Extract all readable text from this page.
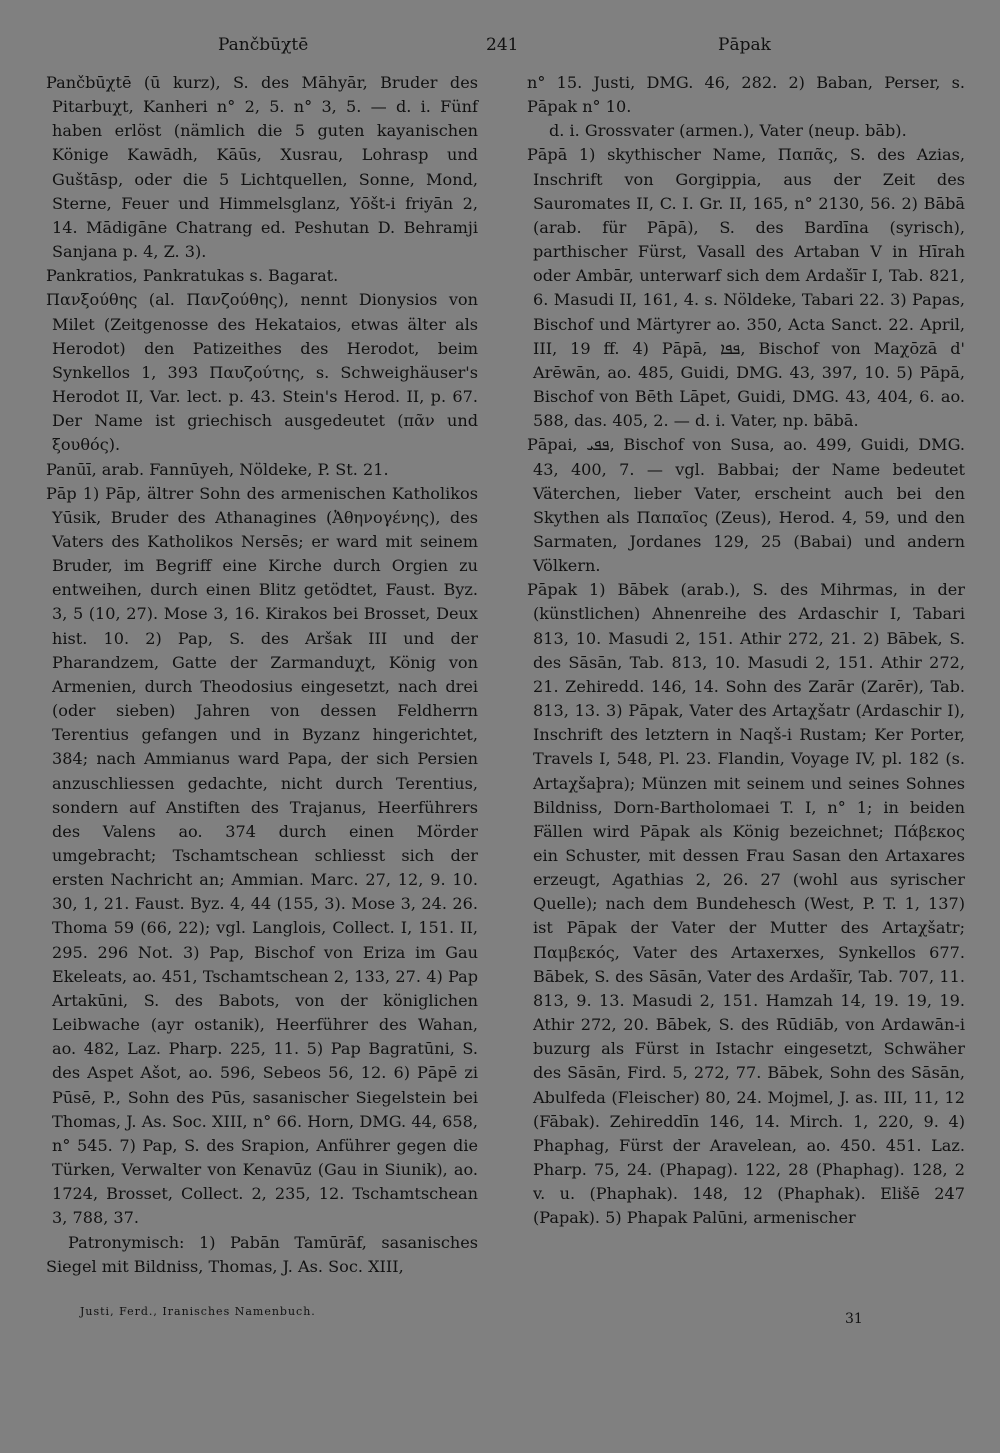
Pančbūχtē	241	Pāpak

Pančbūχtē (ū kurz), S. des Māhyār, Bruder des Pitarbuχt, Kanheri n° 2, 5. n° 3, 5. — d. i. Fünf haben erlöst (nämlich die 5 guten kayanischen Könige Kawādh, Kāūs, Xusrau, Lohrasp und Guštāsp, oder die 5 Lichtquellen, Sonne, Mond, Sterne, Feuer und Himmelsglanz, Yōšt-i friyān 2, 14. Mādigāne Chatrang ed. Peshutan D. Behramji Sanjana p. 4, Z. 3).

Pankratios, Pankratukas s. Bagarat.

Πανξούθης (al. Πανζούθης), nennt Dionysios von Milet (Zeitgenosse des Hekataios, etwas älter als Herodot) den Patizeithes des Herodot, beim Synkellos 1, 393 Παυζούτης, s. Schweighäuser's Herodot II, Var. lect. p. 43. Stein's Herod. II, p. 67. Der Name ist griechisch ausgedeutet (πᾶν und ξουθός).

Panūī, arab. Fannūyeh, Nöldeke, P. St. 21.

Pāp 1) Pāp, ältrer Sohn des armenischen Katholikos Yūsik, Bruder des Athanagines (Ἀθηνογένης), des Vaters des Katholikos Nersēs; er ward mit seinem Bruder, im Begriff eine Kirche durch Orgien zu entweihen, durch einen Blitz getödtet, Faust. Byz. 3, 5 (10, 27). Mose 3, 16. Kirakos bei Brosset, Deux hist. 10. 2) Pap, S. des Aršak III und der Pharandzem, Gatte der Zarmanduχt, König von Armenien, durch Theodosius eingesetzt, nach drei (oder sieben) Jahren von dessen Feldherrn Terentius gefangen und in Byzanz hingerichtet, 384; nach Ammianus ward Papa, der sich Persien anzuschliessen gedachte, nicht durch Terentius, sondern auf Anstiften des Trajanus, Heerführers des Valens ao. 374 durch einen Mörder umgebracht; Tschamtschean schliesst sich der ersten Nachricht an; Ammian. Marc. 27, 12, 9. 10. 30, 1, 21. Faust. Byz. 4, 44 (155, 3). Mose 3, 24. 26. Thoma 59 (66, 22); vgl. Langlois, Collect. I, 151. II, 295. 296 Not. 3) Pap, Bischof von Eriza im Gau Ekeleats, ao. 451, Tschamtschean 2, 133, 27. 4) Pap Artakūni, S. des Babots, von der königlichen Leibwache (ayr ostanik), Heerführer des Wahan, ao. 482, Laz. Pharp. 225, 11. 5) Pap Bagratūni, S. des Aspet Ašot, ao. 596, Sebeos 56, 12. 6) Pāpē zi Pūsē, P., Sohn des Pūs, sasanischer Siegelstein bei Thomas, J. As. Soc. XIII, n° 66. Horn, DMG. 44, 658, n° 545. 7) Pap, S. des Srapion, Anführer gegen die Türken, Verwalter von Kenavūz (Gau in Siunik), ao. 1724, Brosset, Collect. 2, 235, 12. Tschamtschean 3, 788, 37.

Patronymisch: 1) Pabān Tamūrāf, sasanisches Siegel mit Bildniss, Thomas, J. As. Soc. XIII,

n° 15. Justi, DMG. 46, 282. 2) Baban, Perser, s. Pāpak n° 10.

d. i. Grossvater (armen.), Vater (neup. bāb).

Pāpā 1) skythischer Name, Παπᾶς, S. des Azias, Inschrift von Gorgippia, aus der Zeit des Sauromates II, C. I. Gr. II, 165, n° 2130, 56. 2) Bābā (arab. für Pāpā), S. des Bardīna (syrisch), parthischer Fürst, Vasall des Artaban V in Hīrah oder Ambār, unterwarf sich dem Ardašīr I, Tab. 821, 6. Masudi II, 161, 4. s. Nöldeke, Tabari 22. 3) Papas, Bischof und Märtyrer ao. 350, Acta Sanct. 22. April, III, 19 ff. 4) Pāpā, ܦܦܐ, Bischof von Maχōzā d' Arēwān, ao. 485, Guidi, DMG. 43, 397, 10. 5) Pāpā, Bischof von Bēth Lāpet, Guidi, DMG. 43, 404, 6. ao. 588, das. 405, 2. — d. i. Vater, np. bābā.

Pāpai, ܦܦܝ, Bischof von Susa, ao. 499, Guidi, DMG. 43, 400, 7. — vgl. Babbai; der Name bedeutet Väterchen, lieber Vater, erscheint auch bei den Skythen als Παπαῖος (Zeus), Herod. 4, 59, und den Sarmaten, Jordanes 129, 25 (Babai) und andern Völkern.

Pāpak 1) Bābek (arab.), S. des Mihrmas, in der (künstlichen) Ahnenreihe des Ardaschir I, Tabari 813, 10. Masudi 2, 151. Athir 272, 21. 2) Bābek, S. des Sāsān, Tab. 813, 10. Masudi 2, 151. Athir 272, 21. Zehiredd. 146, 14. Sohn des Zarār (Zarēr), Tab. 813, 13. 3) Pāpak, Vater des Artaχšatr (Ardaschir I), Inschrift des letztern in Naqš-i Rustam; Ker Porter, Travels I, 548, Pl. 23. Flandin, Voyage IV, pl. 182 (s. Artaχšaþra); Münzen mit seinem und seines Sohnes Bildniss, Dorn-Bartholomaei T. I, n° 1; in beiden Fällen wird Pāpak als König bezeichnet; Πάβεκος ein Schuster, mit dessen Frau Sasan den Artaxares erzeugt, Agathias 2, 26. 27 (wohl aus syrischer Quelle); nach dem Bundehesch (West, P. T. 1, 137) ist Pāpak der Vater der Mutter des Artaχšatr; Παμβεκός, Vater des Artaxerxes, Synkellos 677. Bābek, S. des Sāsān, Vater des Ardašīr, Tab. 707, 11. 813, 9. 13. Masudi 2, 151. Hamzah 14, 19. 19, 19. Athir 272, 20. Bābek, S. des Rūdiāb, von Ardawān-i buzurg als Fürst in Istachr eingesetzt, Schwäher des Sāsān, Fird. 5, 272, 77. Bābek, Sohn des Sāsān, Abulfeda (Fleischer) 80, 24. Mojmel, J. as. III, 11, 12 (Fābak). Zehireddīn 146, 14. Mirch. 1, 220, 9. 4) Phaphag, Fürst der Aravelean, ao. 450. 451. Laz. Pharp. 75, 24. (Phapag). 122, 28 (Phaphag). 128, 2 v. u. (Phaphak). 148, 12 (Phaphak). Elišē 247 (Papak). 5) Phapak Palūni, armenischer

Justi, Ferd., Iranisches Namenbuch.	31
